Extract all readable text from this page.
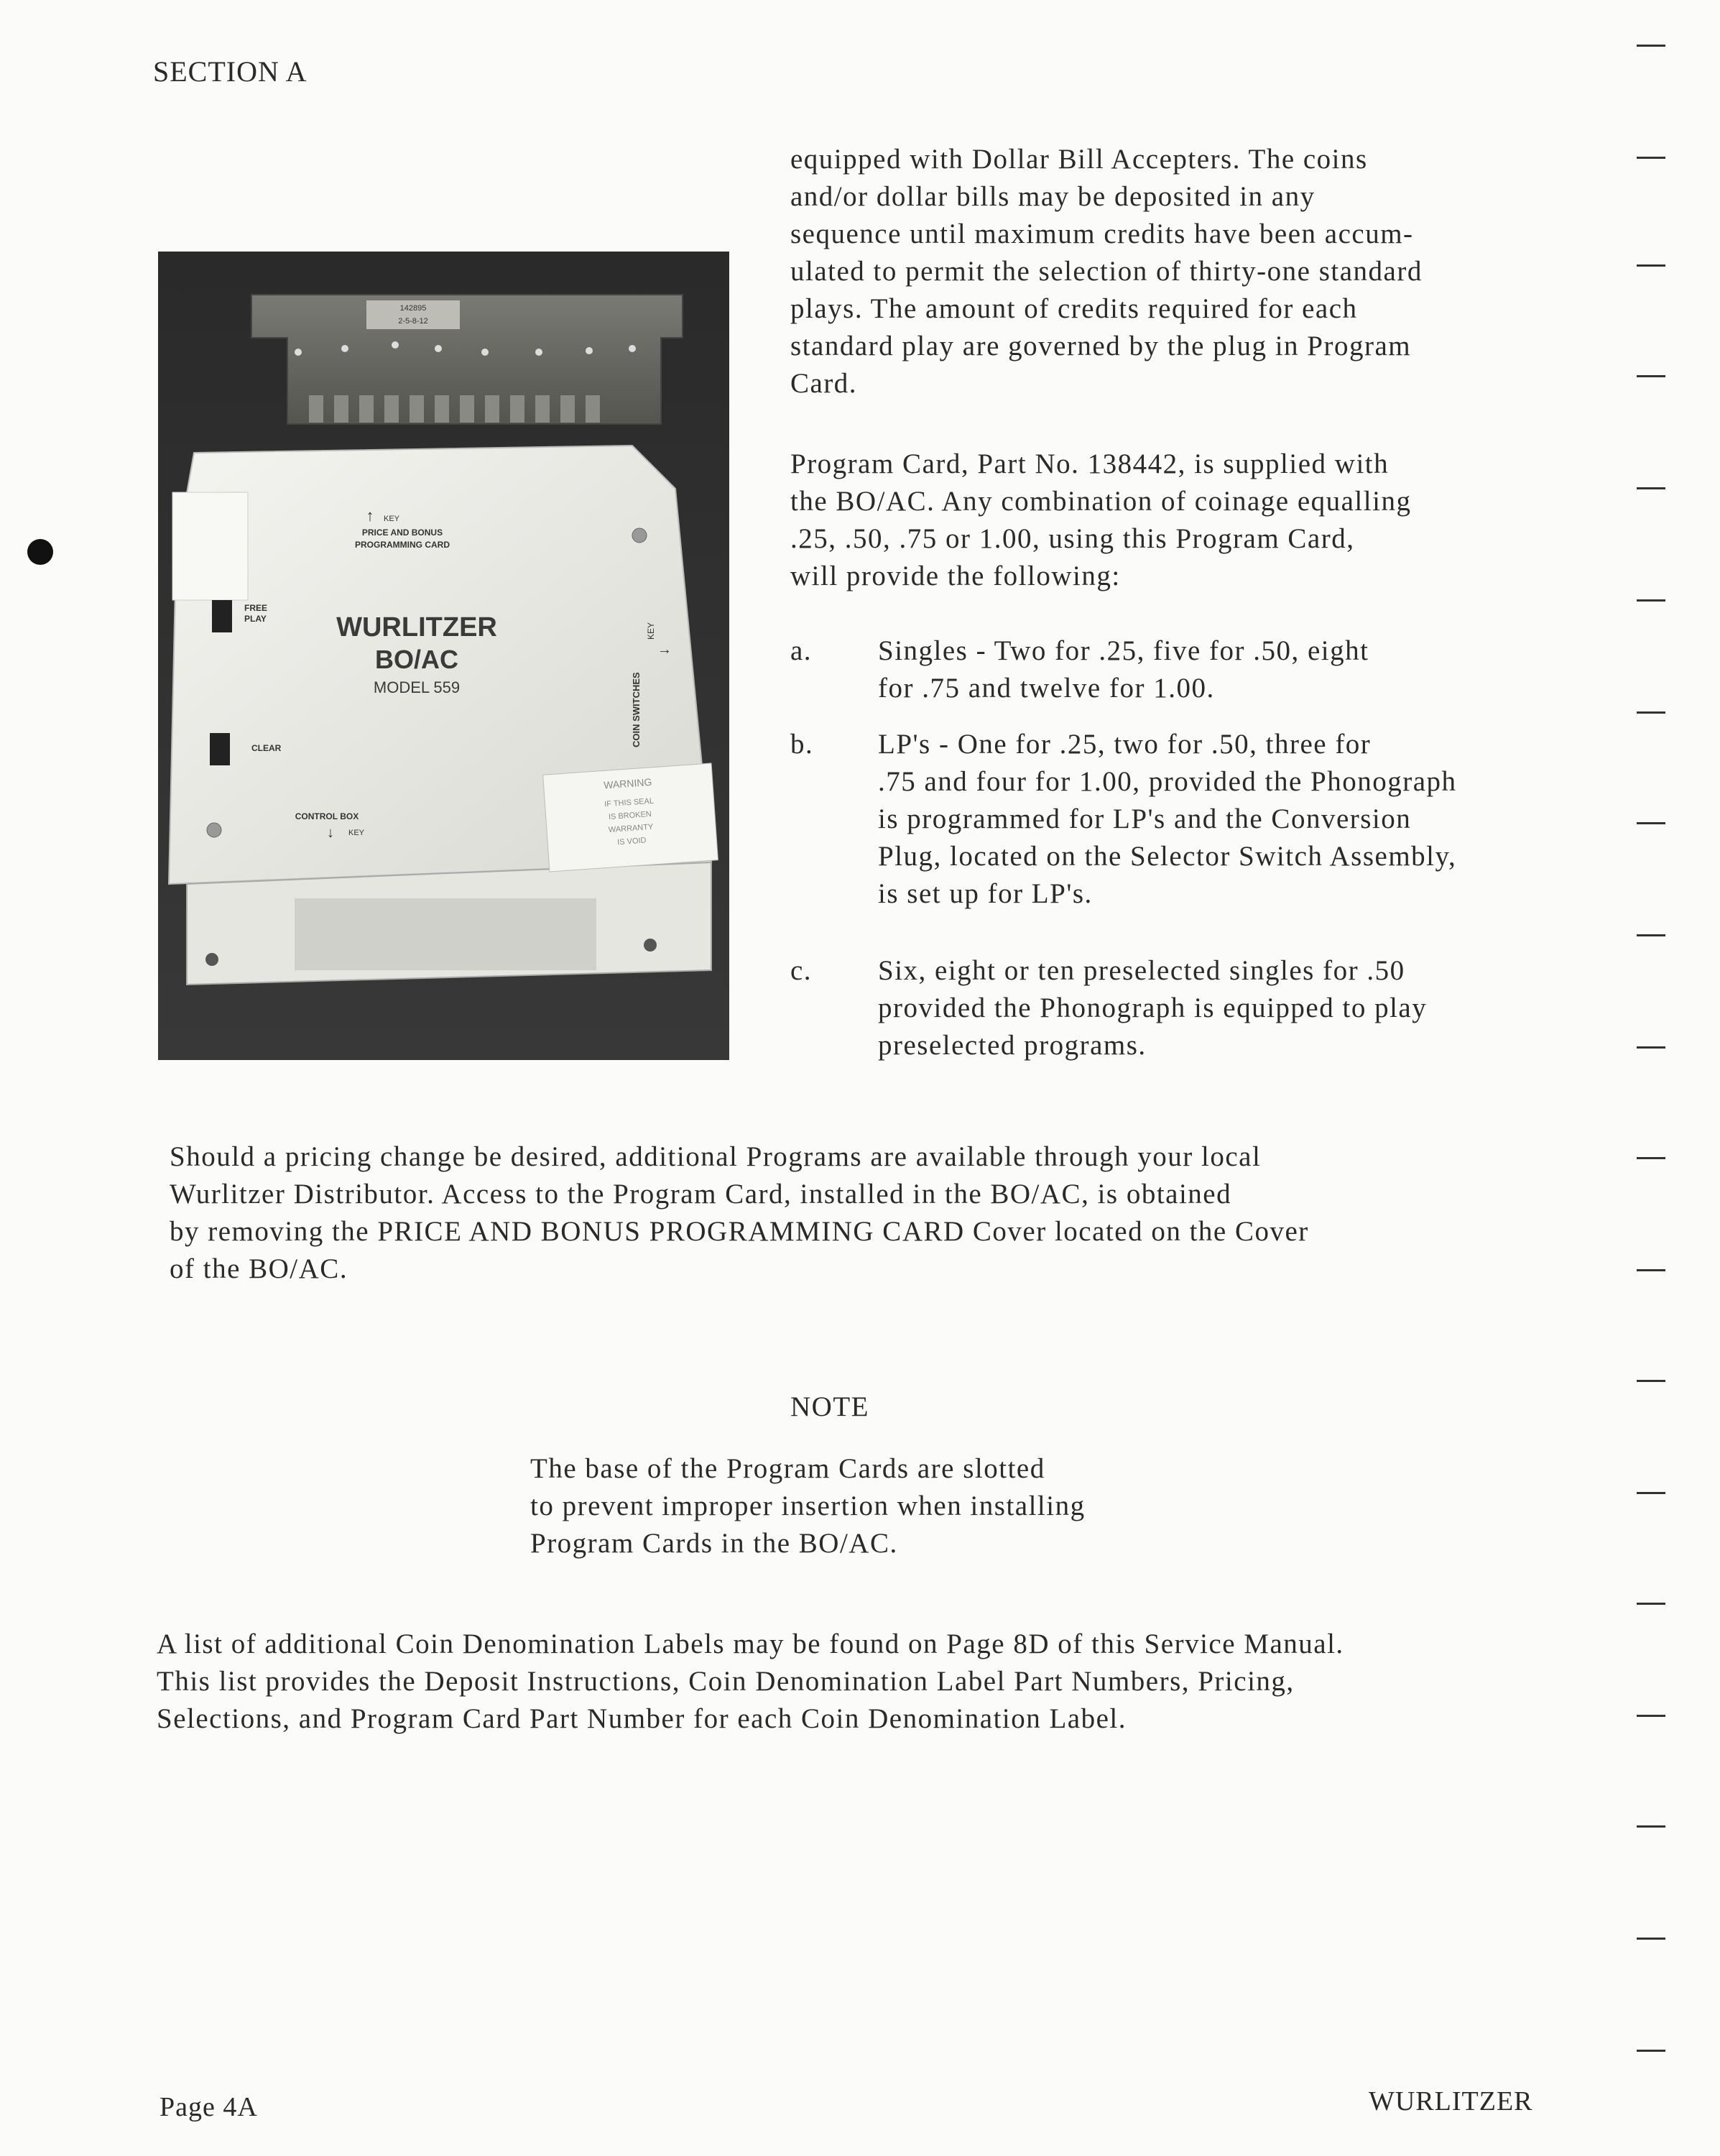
SECTION A
142895
2-5-8-12
↑ KEY
PRICE AND BONUS
PROGRAMMING CARD
WURLITZER
BO/AC
MODEL 559
FREE
PLAY
CLEAR
COIN SWITCHES
KEY
→
CONTROL BOX
↓ KEY
WARNING
IF THIS SEAL
IS BROKEN
WARRANTY
IS VOID
equipped with Dollar Bill Accepters. The coins
and/or dollar bills may be deposited in any
sequence until maximum credits have been accum-
ulated to permit the selection of thirty-one standard
plays. The amount of credits required for each
standard play are governed by the plug in Program
Card.
Program Card, Part No. 138442, is supplied with
the BO/AC. Any combination of coinage equalling
.25, .50, .75 or 1.00, using this Program Card,
will provide the following:
a. Singles - Two for .25, five for .50, eight
for .75 and twelve for 1.00.
b. LP's - One for .25, two for .50, three for
.75 and four for 1.00, provided the Phonograph
is programmed for LP's and the Conversion
Plug, located on the Selector Switch Assembly,
is set up for LP's.
c. Six, eight or ten preselected singles for .50
provided the Phonograph is equipped to play
preselected programs.
Should a pricing change be desired, additional Programs are available through your local
Wurlitzer Distributor. Access to the Program Card, installed in the BO/AC, is obtained
by removing the PRICE AND BONUS PROGRAMMING CARD Cover located on the Cover
of the BO/AC.
NOTE
The base of the Program Cards are slotted
to prevent improper insertion when installing
Program Cards in the BO/AC.
A list of additional Coin Denomination Labels may be found on Page 8D of this Service Manual.
This list provides the Deposit Instructions, Coin Denomination Label Part Numbers, Pricing,
Selections, and Program Card Part Number for each Coin Denomination Label.
Page 4A	WURLITZER
